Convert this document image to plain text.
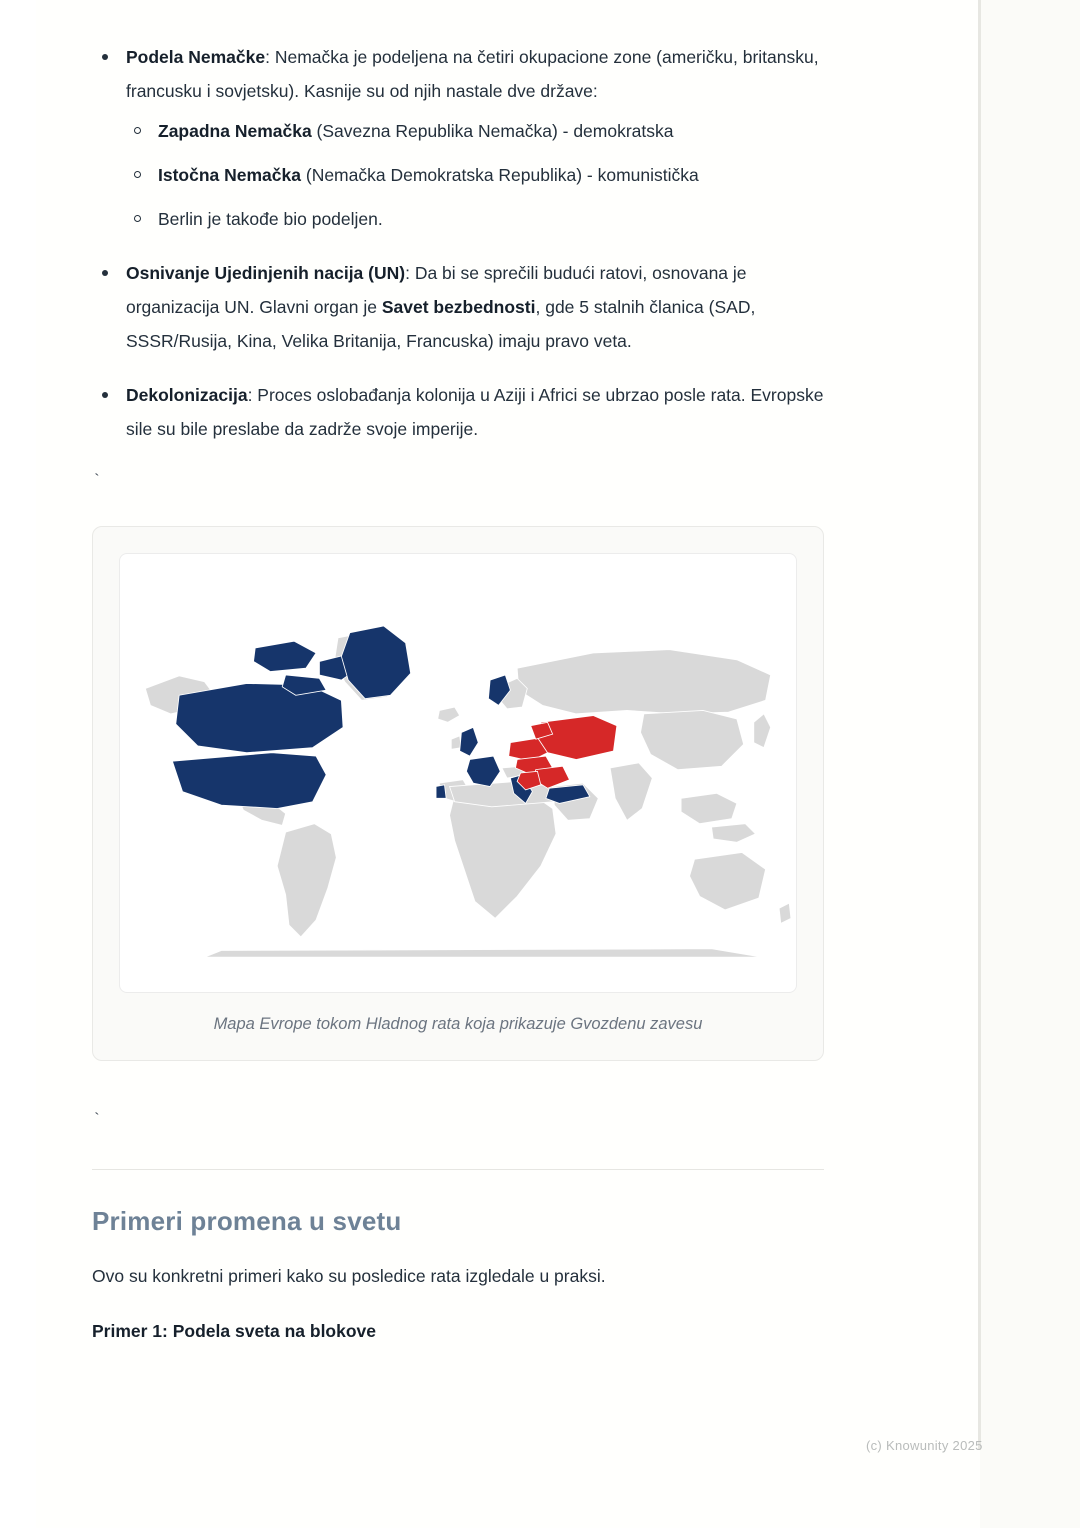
Podela Nemačke: Nemačka je podeljena na četiri okupacione zone (američku, britansku, francusku i sovjetsku). Kasnije su od njih nastale dve države:
Zapadna Nemačka (Savezna Republika Nemačka) - demokratska
Istočna Nemačka (Nemačka Demokratska Republika) - komunistička
Berlin je takođe bio podeljen.
Osnivanje Ujedinjenih nacija (UN): Da bi se sprečili budući ratovi, osnovana je organizacija UN. Glavni organ je Savet bezbednosti, gde 5 stalnih članica (SAD, SSSR/Rusija, Kina, Velika Britanija, Francuska) imaju pravo veta.
Dekolonizacija: Proces oslobađanja kolonija u Aziji i Africi se ubrzao posle rata. Evropske sile su bile preslabe da zadrže svoje imperije.
`
Mapa Evrope tokom Hladnog rata koja prikazuje Gvozdenu zavesu
`
Primeri promena u svetu

Ovo su konkretni primeri kako su posledice rata izgledale u praksi.

Primer 1: Podela sveta na blokove

(c) Knowunity 2025
